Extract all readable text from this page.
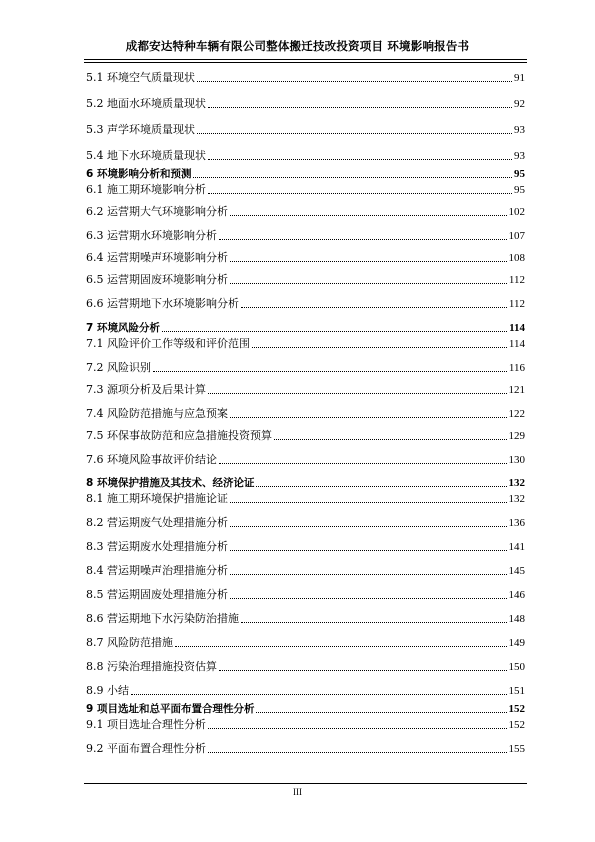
成都安达特种车辆有限公司整体搬迁技改投资项目 环境影响报告书
5.1 环境空气质量现状	91
5.2 地面水环境质量现状	92
5.3 声学环境质量现状	93
5.4 地下水环境质量现状	93
6 环境影响分析和预测	95
6.1 施工期环境影响分析	95
6.2 运营期大气环境影响分析	102
6.3 运营期水环境影响分析	107
6.4 运营期噪声环境影响分析	108
6.5 运营期固废环境影响分析	112
6.6 运营期地下水环境影响分析	112
7 环境风险分析	114
7.1 风险评价工作等级和评价范围	114
7.2 风险识别	116
7.3 源项分析及后果计算	121
7.4 风险防范措施与应急预案	122
7.5 环保事故防范和应急措施投资预算	129
7.6 环境风险事故评价结论	130
8 环境保护措施及其技术、经济论证	132
8.1 施工期环境保护措施论证	132
8.2 营运期废气处理措施分析	136
8.3 营运期废水处理措施分析	141
8.4 营运期噪声治理措施分析	145
8.5 营运期固废处理措施分析	146
8.6 营运期地下水污染防治措施	148
8.7 风险防范措施	149
8.8 污染治理措施投资估算	150
8.9 小结	151
9 项目选址和总平面布置合理性分析	152
9.1 项目选址合理性分析	152
9.2 平面布置合理性分析	155
III
